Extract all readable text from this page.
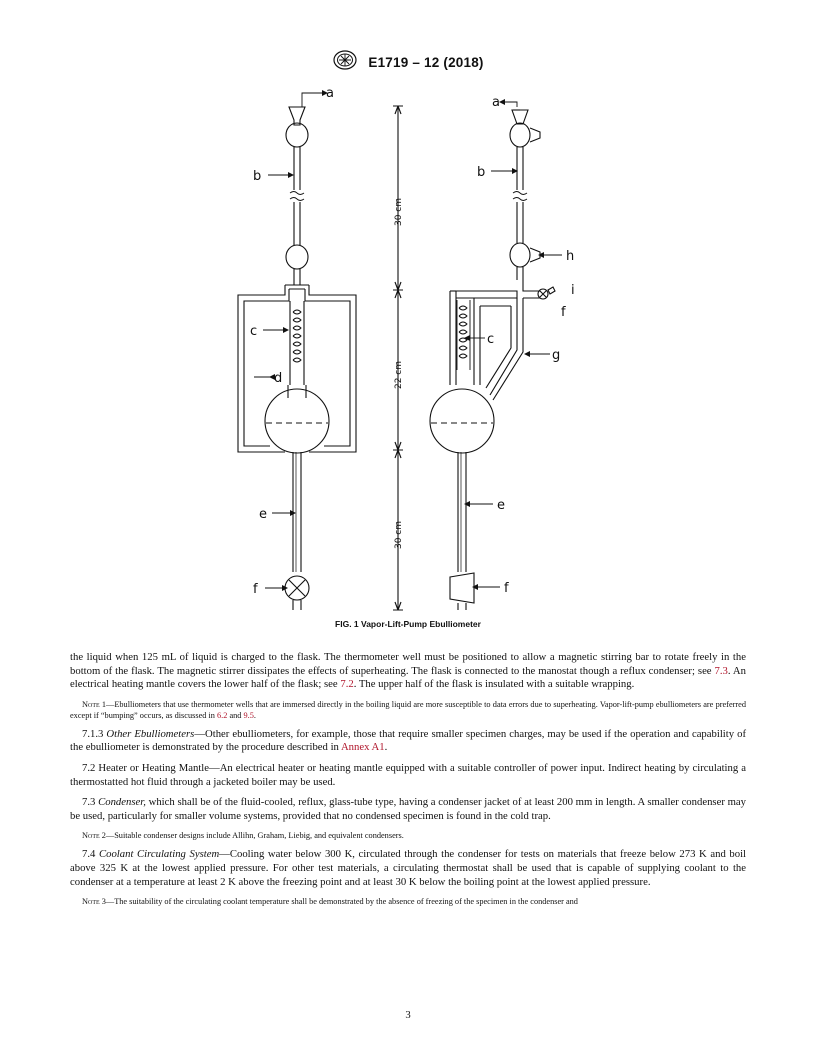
E1719 – 12 (2018)
a
b
c
d
e
f
a
b
h
i
f
c
g
e
f
30 cm
22 cm
30 cm
FIG. 1 Vapor-Lift-Pump Ebulliometer

the liquid when 125 mL of liquid is charged to the flask. The thermometer well must be positioned to allow a magnetic stirring bar to rotate freely in the bottom of the flask. The magnetic stirrer dissipates the effects of superheating. The flask is connected to the manostat though a reflux condenser; see 7.3. An electrical heating mantle covers the lower half of the flask; see 7.2. The upper half of the flask is insulated with a suitable wrapping.

Note 1—Ebulliometers that use thermometer wells that are immersed directly in the boiling liquid are more susceptible to data errors due to superheating. Vapor-lift-pump ebulliometers are preferred except if “bumping” occurs, as discussed in 6.2 and 9.5.

7.1.3 Other Ebulliometers—Other ebulliometers, for example, those that require smaller specimen charges, may be used if the operation and capability of the ebulliometer is demonstrated by the procedure described in Annex A1.

7.2 Heater or Heating Mantle—An electrical heater or heating mantle equipped with a suitable controller of power input. Indirect heating by circulating a thermostatted hot fluid through a jacketed boiler may be used.

7.3 Condenser, which shall be of the fluid-cooled, reflux, glass-tube type, having a condenser jacket of at least 200 mm in length. A smaller condenser may be used, particularly for smaller volume systems, provided that no condensed specimen is found in the cold trap.

Note 2—Suitable condenser designs include Allihn, Graham, Liebig, and equivalent condensers.

7.4 Coolant Circulating System—Cooling water below 300 K, circulated through the condenser for tests on materials that freeze below 273 K and boil above 325 K at the lowest applied pressure. For other test materials, a circulating thermostat shall be used that is capable of supplying coolant to the condenser at a temperature at least 2 K above the freezing point and at least 30 K below the boiling point at the lowest applied pressure.

Note 3—The suitability of the circulating coolant temperature shall be demonstrated by the absence of freezing of the specimen in the condenser and

3
